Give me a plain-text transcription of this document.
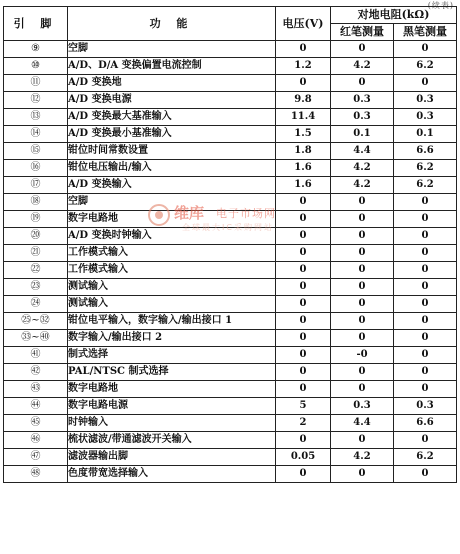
(续表)
引 脚	功 能	电压(V)	对地电阻(kΩ)	
			红笔测量	黑笔测量
⑨	空脚	0	0	0
⑩	A/D、D/A 变换偏置电流控制	1.2	4.2	6.2
⑪	A/D 变换地	0	0	0
⑫	A/D 变换电源	9.8	0.3	0.3
⑬	A/D 变换最大基准输入	11.4	0.3	0.3
⑭	A/D 变换最小基准输入	1.5	0.1	0.1
⑮	钳位时间常数设置	1.8	4.4	6.6
⑯	钳位电压输出/输入	1.6	4.2	6.2
⑰	A/D 变换输入	1.6	4.2	6.2
⑱	空脚	0	0	0
⑲	数字电路地	0	0	0
⑳	A/D 变换时钟输入	0	0	0
㉑	工作模式输入	0	0	0
㉒	工作模式输入	0	0	0
㉓	测试输入	0	0	0
㉔	测试输入	0	0	0
㉕~㉜	钳位电平输入，数字输入/输出接口 1	0	0	0
㉝~㊵	数字输入/输出接口 2	0	0	0
㊶	制式选择	0	-0	0
㊷	PAL/NTSC 制式选择	0	0	0
㊸	数字电路地	0	0	0
㊹	数字电路电源	5	0.3	0.3
㊺	时钟输入	2	4.4	6.6
㊻	梳状滤波/带通滤波开关输入	0	0	0
㊼	滤波器输出脚	0.05	4.2	6.2
㊽	色度带宽选择输入	0	0	0
维库 电子市场网
全球最大IC采购网站
